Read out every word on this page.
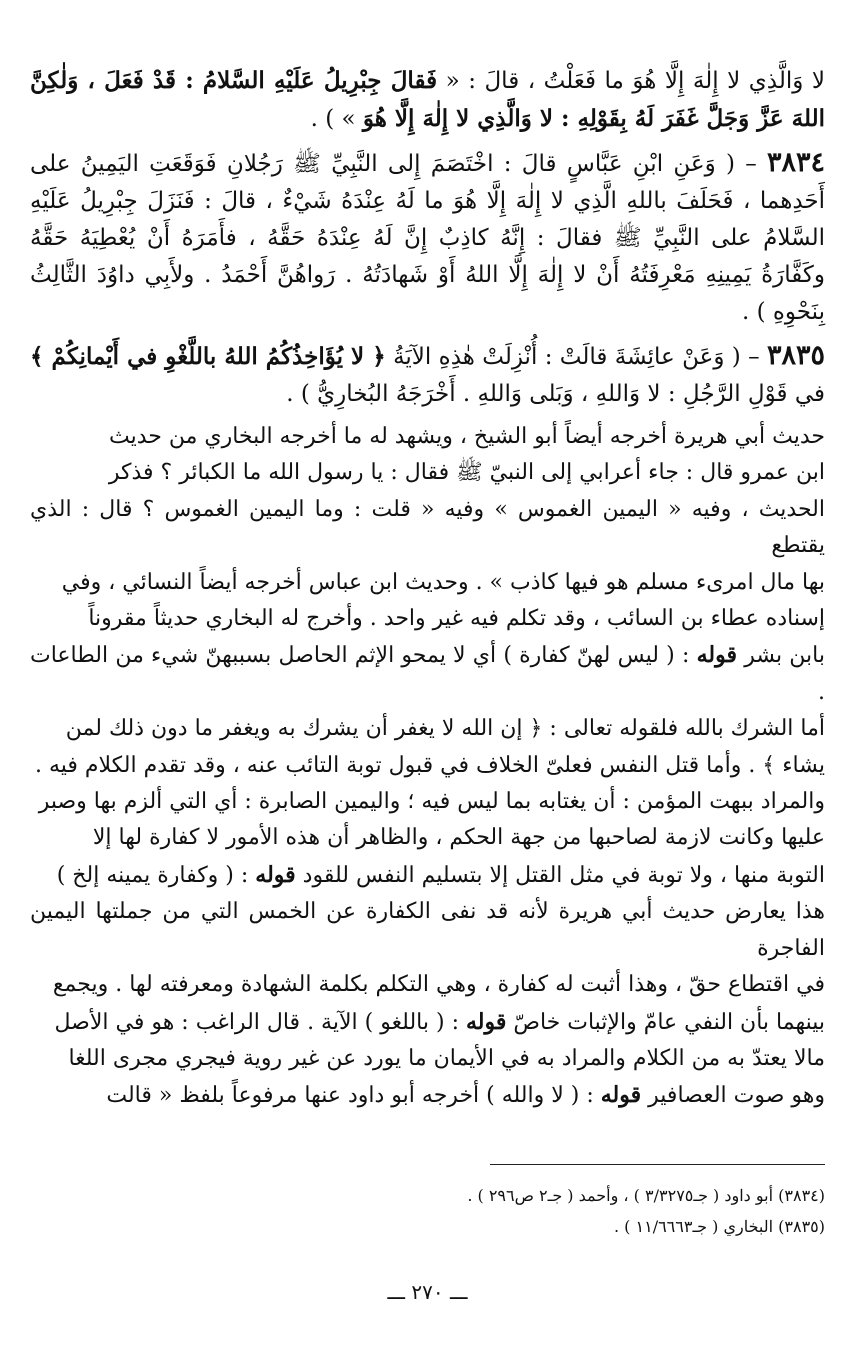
لا وَالَّذِي لا إِلٰهَ إِلَّا هُوَ ما فَعَلْتُ ، قالَ : « فَقالَ جِبْرِيلُ عَلَيْهِ السَّلامُ : قَدْ فَعَلَ ، وَلٰكِنَّ اللهَ عَزَّ وَجَلَّ غَفَرَ لَهُ بِقَوْلِهِ : لا وَالَّذِي لا إِلٰهَ إِلَّا هُوَ » ) .

٣٨٣٤ – ( وَعَنِ ابْنِ عَبَّاسٍ قالَ : اخْتَصَمَ إِلى النَّبِيِّ ﷺ رَجُلانِ فَوَقَعَتِ اليَمِينُ على أَحَدِهما ، فَحَلَفَ باللهِ الَّذِي لا إِلٰهَ إِلَّا هُوَ ما لَهُ عِنْدَهُ شَيْءٌ ، قالَ : فَنَزَلَ جِبْرِيلُ عَلَيْهِ السَّلامُ على النَّبِيِّ ﷺ فقالَ : إِنَّهُ كاذِبٌ إِنَّ لَهُ عِنْدَهُ حَقَّهُ ، فأَمَرَهُ أَنْ يُعْطِيَهُ حَقَّهُ وكَفَّارَةُ يَمِينِهِ مَعْرِفَتُهُ أَنْ لا إِلٰهَ إِلَّا اللهُ أَوْ شَهادَتُهُ . رَواهُنَّ أَحْمَدُ . ولأَبِي داوُدَ الثَّالِثُ بِنَحْوِهِ ) .

٣٨٣٥ – ( وَعَنْ عائِشَةَ قالَتْ : أُنْزِلَتْ هٰذِهِ الآيَةُ ﴿ لا يُؤَاخِذُكُمُ اللهُ باللَّغْوِ في أَيْمانِكُمْ ﴾ في قَوْلِ الرَّجُلِ : لا وَاللهِ ، وَبَلى وَاللهِ . أَخْرَجَهُ البُخارِيُّ ) .

حديث أبي هريرة أخرجه أيضاً أبو الشيخ ، ويشهد له ما أخرجه البخاري من حديث
ابن عمرو قال : جاء أعرابي إلى النبيّ ﷺ فقال : يا رسول الله ما الكبائر ؟ فذكر
الحديث ، وفيه « اليمين الغموس » وفيه « قلت : وما اليمين الغموس ؟ قال : الذي يقتطع
بها مال امرىء مسلم هو فيها كاذب » . وحديث ابن عباس أخرجه أيضاً النسائي ، وفي
إسناده عطاء بن السائب ، وقد تكلم فيه غير واحد . وأخرج له البخاري حديثاً مقروناً
بابن بشر قوله : ( ليس لهنّ كفارة ) أي لا يمحو الإثم الحاصل بسببهنّ شيء من الطاعات .
أما الشرك بالله فلقوله تعالى : ﴿ إن الله لا يغفر أن يشرك به ويغفر ما دون ذلك لمن
يشاء ﴾ . وأما قتل النفس فعلىّ الخلاف في قبول توبة التائب عنه ، وقد تقدم الكلام فيه .
والمراد ببهت المؤمن : أن يغتابه بما ليس فيه ؛ واليمين الصابرة : أي التي ألزم بها وصبر
عليها وكانت لازمة لصاحبها من جهة الحكم ، والظاهر أن هذه الأمور لا كفارة لها إلا
التوبة منها ، ولا توبة في مثل القتل إلا بتسليم النفس للقود قوله : ( وكفارة يمينه إلخ )
هذا يعارض حديث أبي هريرة لأنه قد نفى الكفارة عن الخمس التي من جملتها اليمين الفاجرة
في اقتطاع حقّ ، وهذا أثبت له كفارة ، وهي التكلم بكلمة الشهادة ومعرفته لها . ويجمع
بينهما بأن النفي عامّ والإثبات خاصّ قوله : ( باللغو ) الآية . قال الراغب : هو في الأصل
مالا يعتدّ به من الكلام والمراد به في الأيمان ما يورد عن غير روية فيجري مجرى اللغا
وهو صوت العصافير قوله : ( لا والله ) أخرجه أبو داود عنها مرفوعاً بلفظ « قالت
(٣٨٣٤) أبو داود ( جـ٣/٣٢٧٥ ) ، وأحمد ( جـ٢ ص٢٩٦ ) .
(٣٨٣٥) البخاري ( جـ١١/٦٦٦٣ ) .
ـــ ٢٧٠ ـــ
